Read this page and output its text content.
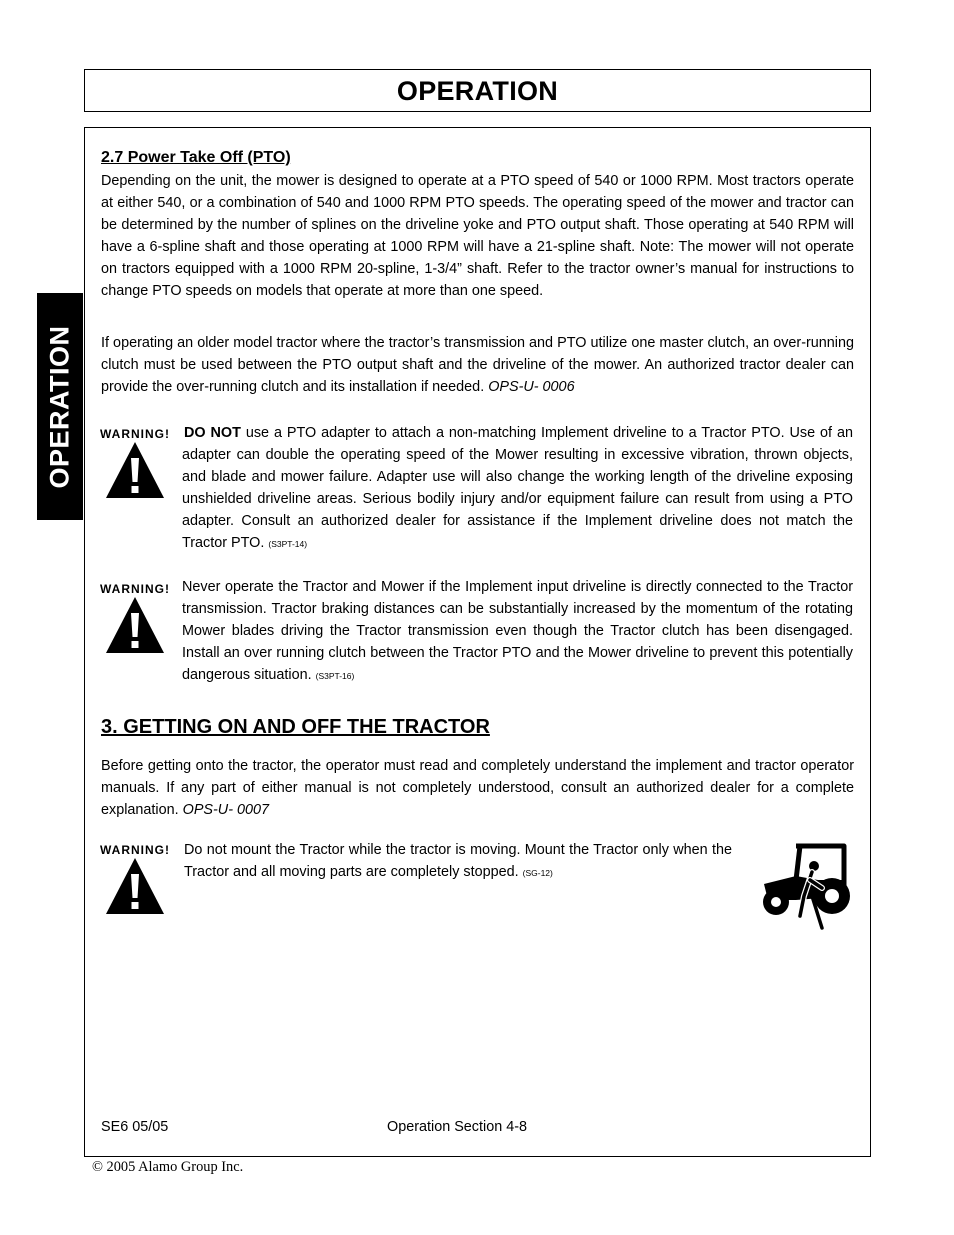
OPERATION
OPERATION
2.7 Power Take Off (PTO)

Depending on the unit, the mower is designed to operate at a PTO speed of 540 or 1000 RPM. Most tractors operate at either 540, or a combination of 540 and 1000 RPM PTO speeds. The operating speed of the mower and tractor can be determined by the number of splines on the driveline yoke and PTO output shaft. Those operating at 540 RPM will have a 6-spline shaft and those operating at 1000 RPM will have a 21-spline shaft. Note: The mower will not operate on tractors equipped with a 1000 RPM 20-spline, 1-3/4” shaft. Refer to the tractor owner’s manual for instructions to change PTO speeds on models that operate at more than one speed.

If operating an older model tractor where the tractor’s transmission and PTO utilize one master clutch, an over-running clutch must be used between the PTO output shaft and the driveline of the mower. An authorized tractor dealer can provide the over-running clutch and its installation if needed. OPS-U- 0006

WARNING! DO NOT use a PTO adapter to attach a non-matching Implement driveline to a Tractor PTO. Use of an adapter can double the operating speed of the Mower resulting in excessive vibration, thrown objects, and blade and mower failure. Adapter use will also change the working length of the driveline exposing unshielded driveline areas. Serious bodily injury and/or equipment failure can result from using a PTO adapter. Consult an authorized dealer for assistance if the Implement driveline does not match the Tractor PTO. (S3PT-14)
WARNING! Never operate the Tractor and Mower if the Implement input driveline is directly connected to the Tractor transmission. Tractor braking distances can be substantially increased by the momentum of the rotating Mower blades driving the Tractor transmission even though the Tractor clutch has been disengaged. Install an over running clutch between the Tractor PTO and the Mower driveline to prevent this potentially dangerous situation. (S3PT-16)
3. GETTING ON AND OFF THE TRACTOR

Before getting onto the tractor, the operator must read and completely understand the implement and tractor operator manuals. If any part of either manual is not completely understood, consult an authorized dealer for a complete explanation. OPS-U- 0007

WARNING! Do not mount the Tractor while the tractor is moving. Mount the Tractor only when the Tractor and all moving parts are completely stopped. (SG-12)
SE6 05/05	Operation Section 4-8
© 2005 Alamo Group Inc.
